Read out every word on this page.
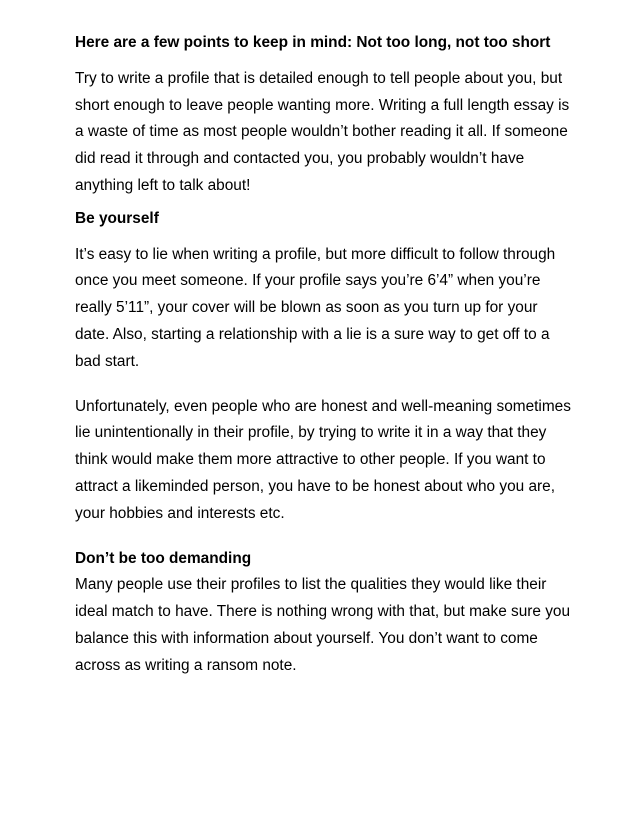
Here are a few points to keep in mind: Not too long, not too short

Try to write a profile that is detailed enough to tell people about you, but short enough to leave people wanting more. Writing a full length essay is a waste of time as most people wouldn’t bother reading it all. If someone did read it through and contacted you, you probably wouldn’t have anything left to talk about!

Be yourself

It’s easy to lie when writing a profile, but more difficult to follow through once you meet someone. If your profile says you’re 6’4” when you’re really 5’11”, your cover will be blown as soon as you turn up for your date. Also, starting a relationship with a lie is a sure way to get off to a bad start.

Unfortunately, even people who are honest and well-meaning sometimes lie unintentionally in their profile, by trying to write it in a way that they think would make them more attractive to other people. If you want to attract a likeminded person, you have to be honest about who you are, your hobbies and interests etc.

Don’t be too demanding

Many people use their profiles to list the qualities they would like their ideal match to have. There is nothing wrong with that, but make sure you balance this with information about yourself. You don’t want to come across as writing a ransom note.
